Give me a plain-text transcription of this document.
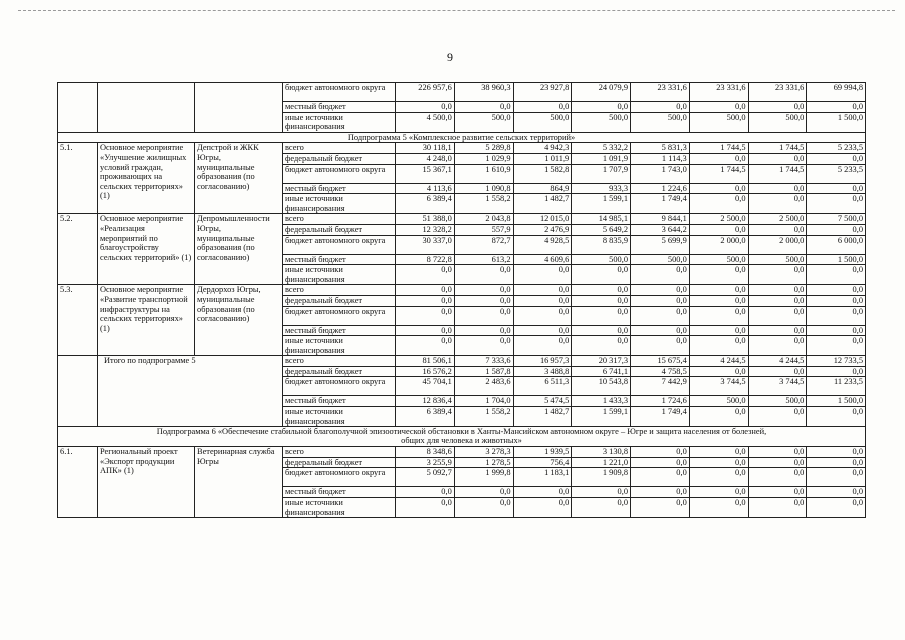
9
			бюджет автономного округа	226 957,6	38 960,3	23 927,8	24 079,9	23 331,6	23 331,6	23 331,6	69 994,8
			местный бюджет	0,0	0,0	0,0	0,0	0,0	0,0	0,0	0,0
			иные источники финансирования	4 500,0	500,0	500,0	500,0	500,0	500,0	500,0	1 500,0
Подпрограмма 5 «Комплексное развитие сельских территорий»											
5.1.	Основное мероприятие «Улучшение жилищных условий граждан, проживающих на сельских территориях» (1)	Депстрой и ЖКК Югры, муниципальные образования (по согласованию)	всего	30 118,1	5 289,8	4 942,3	5 332,2	5 831,3	1 744,5	1 744,5	5 233,5
			федеральный бюджет	4 248,0	1 029,9	1 011,9	1 091,9	1 114,3	0,0	0,0	0,0
			бюджет автономного округа	15 367,1	1 610,9	1 582,8	1 707,9	1 743,0	1 744,5	1 744,5	5 233,5
			местный бюджет	4 113,6	1 090,8	864,9	933,3	1 224,6	0,0	0,0	0,0
			иные источники финансирования	6 389,4	1 558,2	1 482,7	1 599,1	1 749,4	0,0	0,0	0,0
5.2.	Основное мероприятие «Реализация мероприятий по благоустройству сельских территорий» (1)	Депромышленности Югры, муниципальные образования (по согласованию)	всего	51 388,0	2 043,8	12 015,0	14 985,1	9 844,1	2 500,0	2 500,0	7 500,0
			федеральный бюджет	12 328,2	557,9	2 476,9	5 649,2	3 644,2	0,0	0,0	0,0
			бюджет автономного округа	30 337,0	872,7	4 928,5	8 835,9	5 699,9	2 000,0	2 000,0	6 000,0
			местный бюджет	8 722,8	613,2	4 609,6	500,0	500,0	500,0	500,0	1 500,0
			иные источники финансирования	0,0	0,0	0,0	0,0	0,0	0,0	0,0	0,0
5.3.	Основное мероприятие «Развитие транспортной инфраструктуры на сельских территориях» (1)	Дердорхоз Югры, муниципальные образования (по согласованию)	всего	0,0	0,0	0,0	0,0	0,0	0,0	0,0	0,0
			федеральный бюджет	0,0	0,0	0,0	0,0	0,0	0,0	0,0	0,0
			бюджет автономного округа	0,0	0,0	0,0	0,0	0,0	0,0	0,0	0,0
			местный бюджет	0,0	0,0	0,0	0,0	0,0	0,0	0,0	0,0
			иные источники финансирования	0,0	0,0	0,0	0,0	0,0	0,0	0,0	0,0
	Итого по подпрограмме 5		всего	81 506,1	7 333,6	16 957,3	20 317,3	15 675,4	4 244,5	4 244,5	12 733,5
			федеральный бюджет	16 576,2	1 587,8	3 488,8	6 741,1	4 758,5	0,0	0,0	0,0
			бюджет автономного округа	45 704,1	2 483,6	6 511,3	10 543,8	7 442,9	3 744,5	3 744,5	11 233,5
			местный бюджет	12 836,4	1 704,0	5 474,5	1 433,3	1 724,6	500,0	500,0	1 500,0
			иные источники финансирования	6 389,4	1 558,2	1 482,7	1 599,1	1 749,4	0,0	0,0	0,0

Подпрограмма 6 «Обеспечение стабильной благополучной эпизоотической обстановки в Ханты-Мансийском автономном округе – Югре и защита населения от болезней,
общих для человека и животных»											

6.1.	Региональный проект «Экспорт продукции АПК» (1)	Ветеринарная служба Югры	всего	8 348,6	3 278,3	1 939,5	3 130,8	0,0	0,0	0,0	0,0
			федеральный бюджет	3 255,9	1 278,5	756,4	1 221,0	0,0	0,0	0,0	0,0
			бюджет автономного округа	5 092,7	1 999,8	1 183,1	1 909,8	0,0	0,0	0,0	0,0
			местный бюджет	0,0	0,0	0,0	0,0	0,0	0,0	0,0	0,0
			иные источники финансирования	0,0	0,0	0,0	0,0	0,0	0,0	0,0	0,0
